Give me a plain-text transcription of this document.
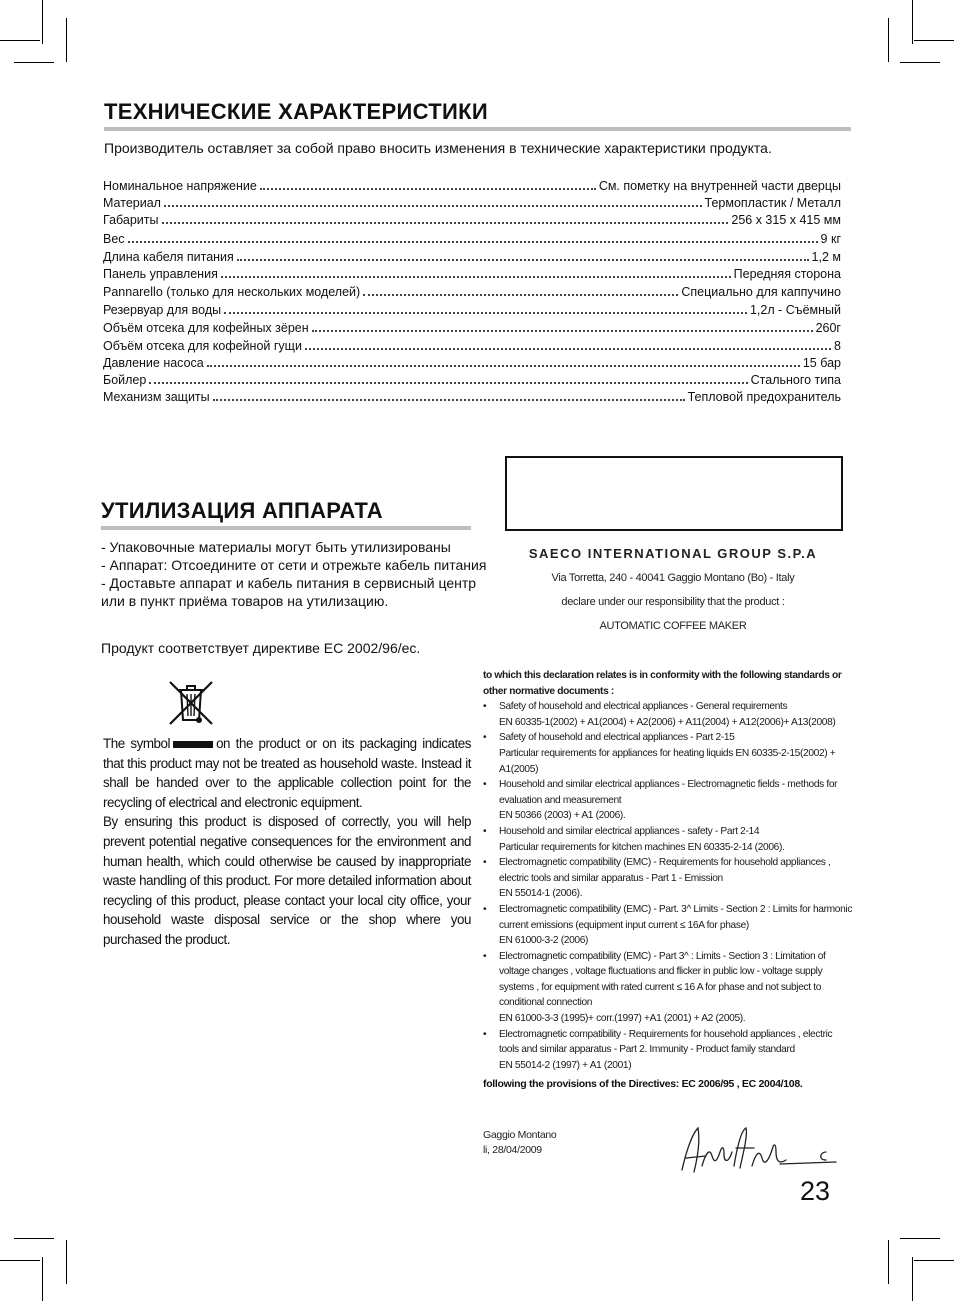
ТЕХНИЧЕСКИЕ ХАРАКТЕРИСТИКИ
Производитель оставляет за собой право вносить изменения в технические характеристики продукта.
Номинальное напряжение	См. пометку на внутренней части дверцы
Материал	Термопластик / Металл
Габариты	256 x 315 x 415 мм
Вес	9 кг
Длина кабеля питания	1,2 м
Панель управления	Передняя сторона
Pannarello (только для нескольких моделей)	Специально для каппучино
Резервуар для воды	1,2л - Съёмный
Объём отсека для кофейных зёрен	260г
Объём отсека для кофейной гущи	8
Давление насоса	15 бар
Бойлер	Стального типа
Механизм защиты	Тепловой предохранитель
УТИЛИЗАЦИЯ АППАРАТА

- Упаковочные материалы могут быть утилизированы

- Аппарат: Отсоедините от сети и отрежьте кабель питания

- Доставьте аппарат и кабель питания в сервисный центр или в пункт приёма товаров на утилизацию.

Продукт соответствует директиве ЕС 2002/96/ес.

The symbol	on the product or on its packaging indicates that this product may not be treated as household waste. Instead it shall be handed over to the applicable collection point for the recycling of electrical and electronic equipment.

By ensuring this product is disposed of correctly, you will help prevent potential negative consequences for the environment and human health, which could otherwise be caused by inappropriate waste handling of this product. For more detailed information about recycling of this product, please contact your local city office, your household waste disposal service or the shop where you purchased the product.

SAECO INTERNATIONAL GROUP S.P.A
Via Torretta, 240 - 40041 Gaggio Montano (Bo) - Italy
declare under our responsibility that the product :
AUTOMATIC COFFEE MAKER
to which this declaration relates is in conformity with the following standards or other normative documents :
• Safety of household and electrical appliances - General requirements
EN 60335-1(2002) + A1(2004) + A2(2006) + A11(2004) + A12(2006)+ A13(2008)
• Safety of household and electrical appliances - Part 2-15
Particular requirements for appliances for heating liquids EN 60335-2-15(2002) + A1(2005)
• Household and similar electrical appliances - Electromagnetic fields - methods for evaluation and measurement
EN 50366 (2003) + A1 (2006).
• Household and similar electrical appliances - safety - Part 2-14
Particular requirements for kitchen machines EN 60335-2-14 (2006).
• Electromagnetic compatibility (EMC) - Requirements for household appliances , electric tools and similar apparatus - Part 1 - Emission
EN 55014-1 (2006).
• Electromagnetic compatibility (EMC) - Part. 3^ Limits - Section 2 : Limits for harmonic current emissions (equipment input current ≤ 16A for phase)
EN 61000-3-2 (2006)
• Electromagnetic compatibility (EMC) - Part 3^ : Limits - Section 3 : Limitation of voltage changes , voltage fluctuations and flicker in public low - voltage supply systems , for equipment with rated current ≤ 16 A for phase and not subject to conditional connection
EN 61000-3-3 (1995)+ corr.(1997) +A1 (2001) + A2 (2005).
• Electromagnetic compatibility - Requirements for household appliances , electric tools and similar apparatus - Part 2. Immunity - Product family standard
EN 55014-2 (1997) + A1 (2001)
following the provisions of the Directives: EC 2006/95 , EC 2004/108.
Gaggio Montano
li, 28/04/2009
23
